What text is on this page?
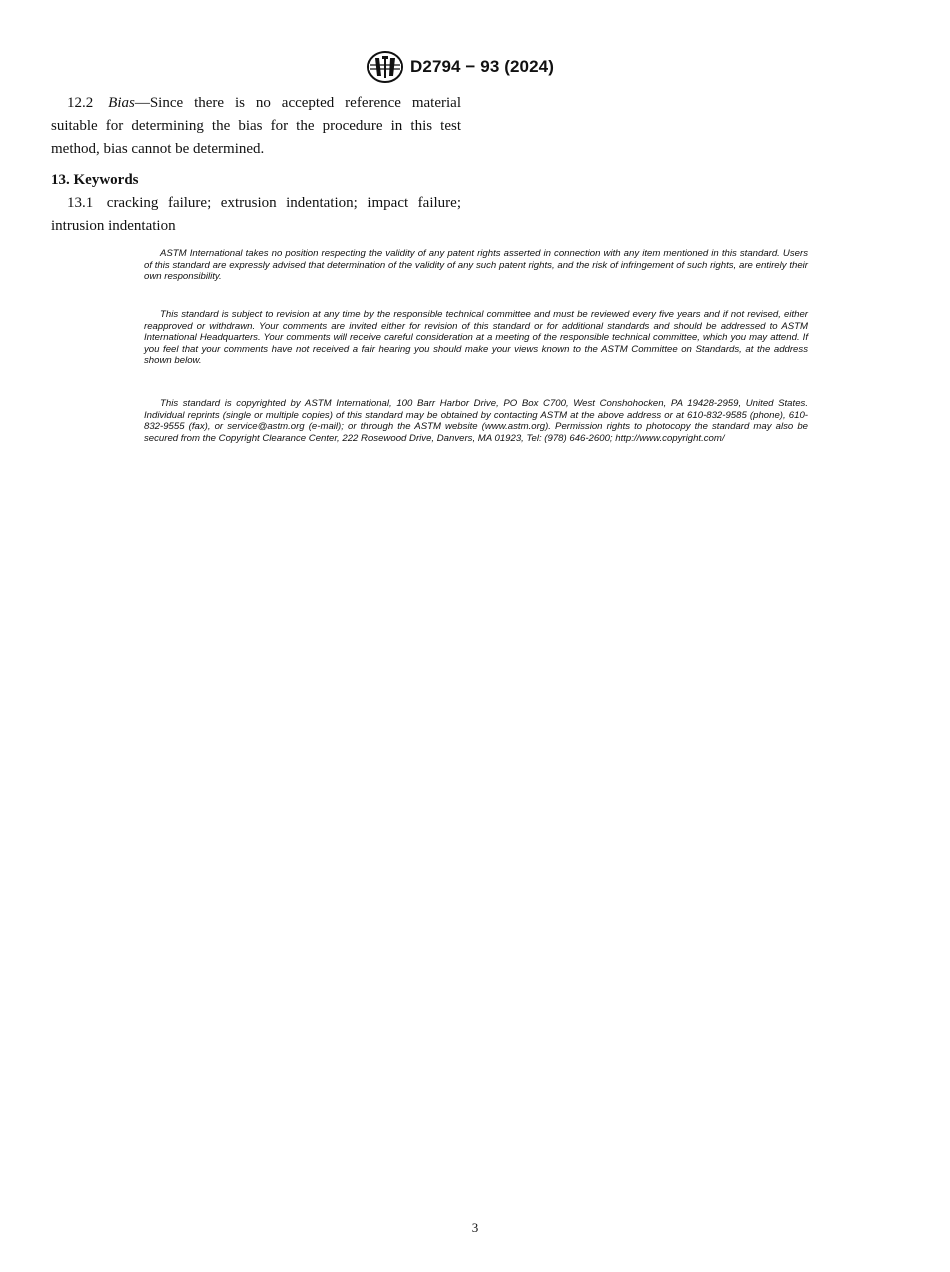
D2794 − 93 (2024)

12.2 Bias—Since there is no accepted reference material suitable for determining the bias for the procedure in this test method, bias cannot be determined.

13. Keywords

13.1 cracking failure; extrusion indentation; impact failure; intrusion indentation

ASTM International takes no position respecting the validity of any patent rights asserted in connection with any item mentioned in this standard. Users of this standard are expressly advised that determination of the validity of any such patent rights, and the risk of infringement of such rights, are entirely their own responsibility.

This standard is subject to revision at any time by the responsible technical committee and must be reviewed every five years and if not revised, either reapproved or withdrawn. Your comments are invited either for revision of this standard or for additional standards and should be addressed to ASTM International Headquarters. Your comments will receive careful consideration at a meeting of the responsible technical committee, which you may attend. If you feel that your comments have not received a fair hearing you should make your views known to the ASTM Committee on Standards, at the address shown below.

This standard is copyrighted by ASTM International, 100 Barr Harbor Drive, PO Box C700, West Conshohocken, PA 19428-2959, United States. Individual reprints (single or multiple copies) of this standard may be obtained by contacting ASTM at the above address or at 610-832-9585 (phone), 610-832-9555 (fax), or service@astm.org (e-mail); or through the ASTM website (www.astm.org). Permission rights to photocopy the standard may also be secured from the Copyright Clearance Center, 222 Rosewood Drive, Danvers, MA 01923, Tel: (978) 646-2600; http://www.copyright.com/

3
